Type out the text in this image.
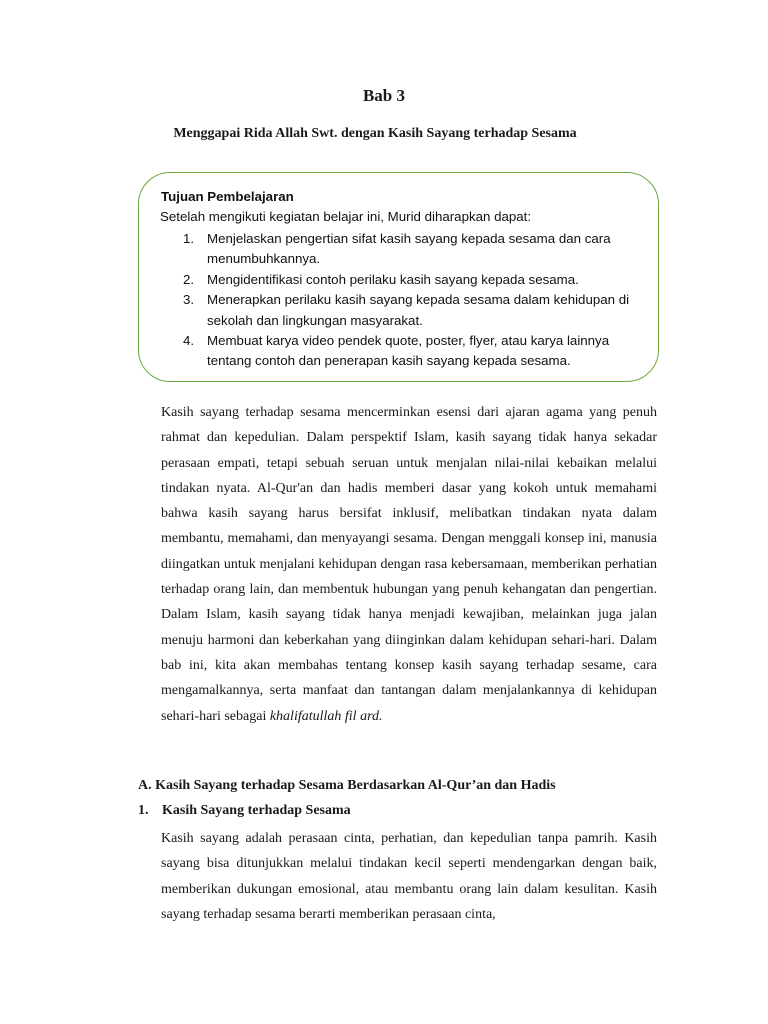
Bab 3
Menggapai Rida Allah Swt. dengan Kasih Sayang terhadap Sesama
Tujuan Pembelajaran
Setelah mengikuti kegiatan belajar ini, Murid diharapkan dapat:
1. Menjelaskan pengertian sifat kasih sayang kepada sesama dan cara menumbuhkannya.
2. Mengidentifikasi contoh perilaku kasih sayang kepada sesama.
3. Menerapkan perilaku kasih sayang kepada sesama dalam kehidupan di sekolah dan lingkungan masyarakat.
4. Membuat karya video pendek quote, poster, flyer, atau karya lainnya tentang contoh dan penerapan kasih sayang kepada sesama.

Kasih sayang terhadap sesama mencerminkan esensi dari ajaran agama yang penuh rahmat dan kepedulian. Dalam perspektif Islam, kasih sayang tidak hanya sekadar perasaan empati, tetapi sebuah seruan untuk menjalan nilai-nilai kebaikan melalui tindakan nyata. Al-Qur'an dan hadis memberi dasar yang kokoh untuk memahami bahwa kasih sayang harus bersifat inklusif, melibatkan tindakan nyata dalam membantu, memahami, dan menyayangi sesama. Dengan menggali konsep ini, manusia diingatkan untuk menjalani kehidupan dengan rasa kebersamaan, memberikan perhatian terhadap orang lain, dan membentuk hubungan yang penuh kehangatan dan pengertian. Dalam Islam, kasih sayang tidak hanya menjadi kewajiban, melainkan juga jalan menuju harmoni dan keberkahan yang diinginkan dalam kehidupan sehari-hari. Dalam bab ini, kita akan membahas tentang konsep kasih sayang terhadap sesame, cara mengamalkannya, serta manfaat dan tantangan dalam menjalankannya di kehidupan sehari-hari sebagai khalifatullah fil ard.

A. Kasih Sayang terhadap Sesama Berdasarkan Al-Qur’an dan Hadis
1. Kasih Sayang terhadap Sesama

Kasih sayang adalah perasaan cinta, perhatian, dan kepedulian tanpa pamrih. Kasih sayang bisa ditunjukkan melalui tindakan kecil seperti mendengarkan dengan baik, memberikan dukungan emosional, atau membantu orang lain dalam kesulitan. Kasih sayang terhadap sesama berarti memberikan perasaan cinta,
